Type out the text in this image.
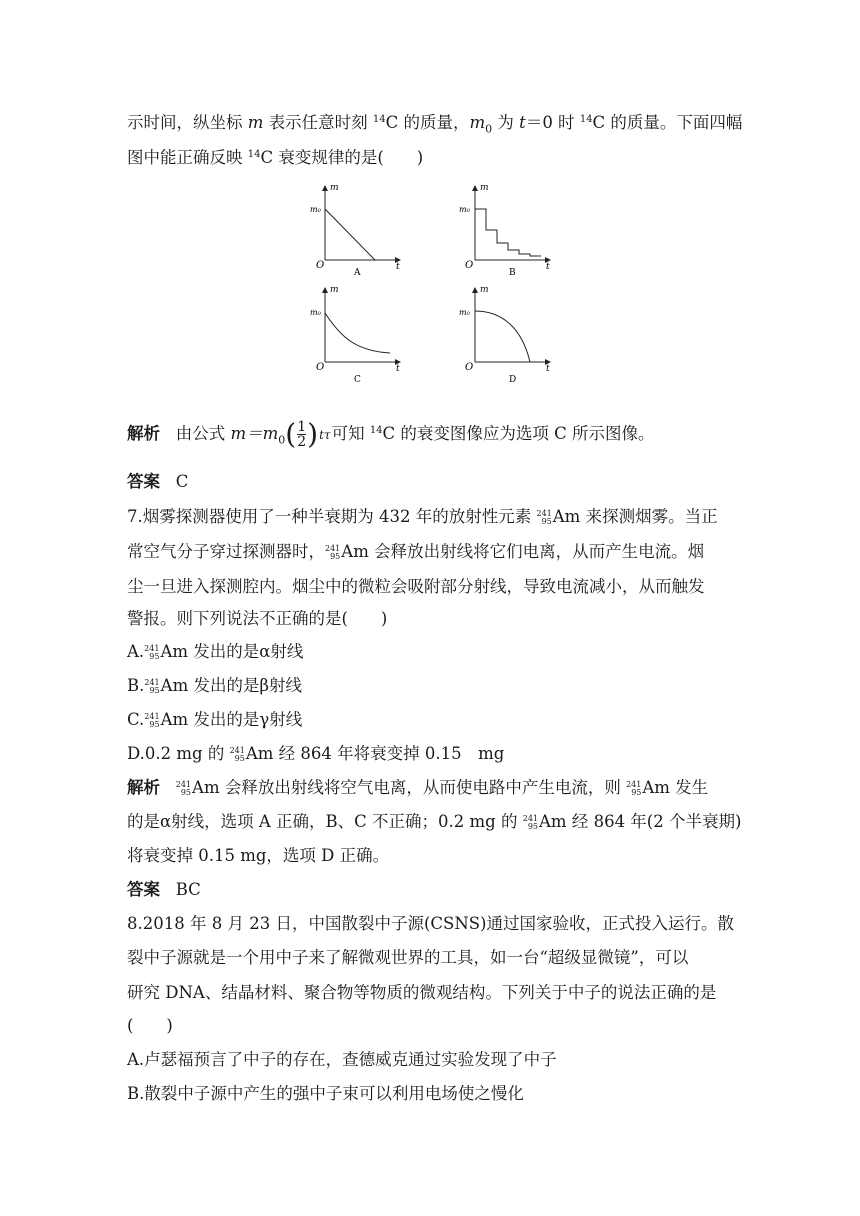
示时间，纵坐标 m 表示任意时刻 $^{14}$C 的质量，$m_0$ 为 t＝0 时 $^{14}$C 的质量。下面四幅
图中能正确反映 $^{14}$C 衰变规律的是(　　)
m
m₀
O	t
A
m
m₀
O	t
B
m
m₀
O	t
C
m
m₀
O	t
D
解析 由公式 $m=m_0( \frac{1}{2} )t\tau$可知 $^{14}$C 的衰变图像应为选项 C 所示图像。
答案 C
7.烟雾探测器使用了一种半衰期为 432 年的放射性元素 241
95 Am 来探测烟雾。当正
常空气分子穿过探测器时， 241
95 Am 会释放出射线将它们电离，从而产生电流。烟
尘一旦进入探测腔内。烟尘中的微粒会吸附部分射线，导致电流减小，从而触发
警报。则下列说法不正确的是(　　)
A. 241
95 Am 发出的是α射线
B. 241
95 Am 发出的是β射线
C. 241
95 Am 发出的是γ射线
D.0.2 mg 的 241
95 Am 经 864 年将衰变掉 0.15　mg
解析 241
95 Am 会释放出射线将空气电离，从而使电路中产生电流，则 241
95 Am 发生
的是α射线，选项 A 正确，B、C 不正确；0.2 mg 的 241
95 Am 经 864 年(2 个半衰期)
将衰变掉 0.15 mg，选项 D 正确。
答案 BC
8.2018 年 8 月 23 日，中国散裂中子源(CSNS)通过国家验收，正式投入运行。散
裂中子源就是一个用中子来了解微观世界的工具，如一台“超级显微镜”，可以
研究 DNA、结晶材料、聚合物等物质的微观结构。下列关于中子的说法正确的是
(　　)
A.卢瑟福预言了中子的存在，查德威克通过实验发现了中子
B.散裂中子源中产生的强中子束可以利用电场使之慢化
